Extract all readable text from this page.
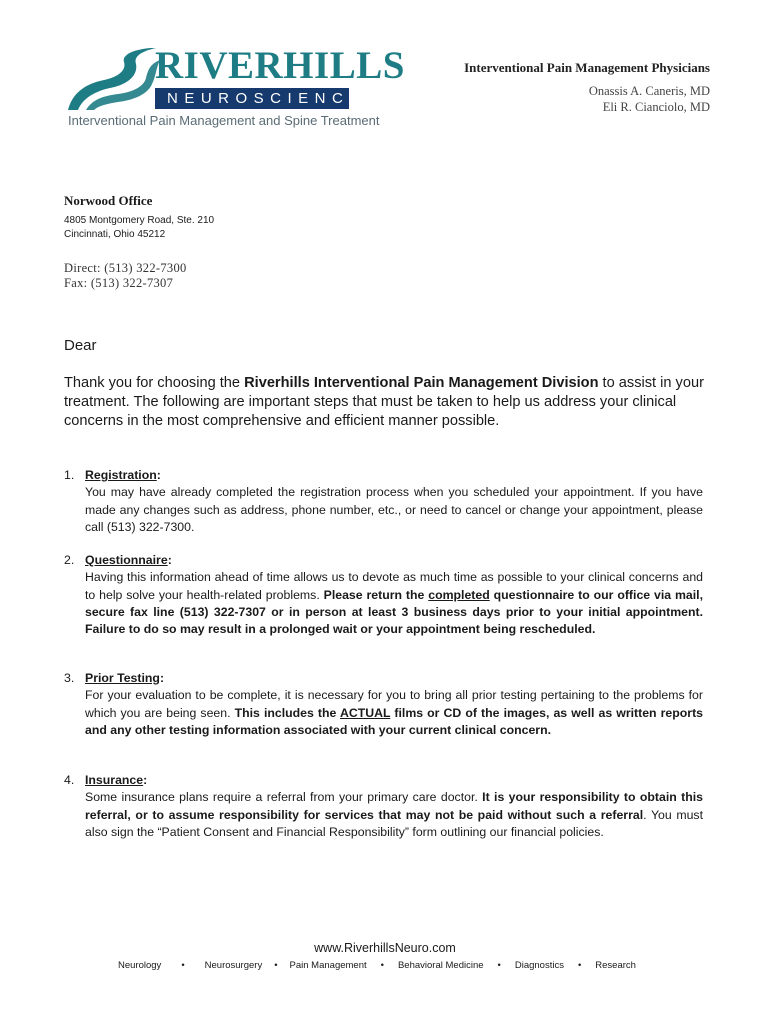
RIVERHILLS
NEUROSCIENCE
Interventional Pain Management and Spine Treatment
Interventional Pain Management Physicians
Onassis A. Caneris, MD
Eli R. Cianciolo, MD
Norwood Office
4805 Montgomery Road, Ste. 210
Cincinnati, Ohio 45212
Direct: (513) 322-7300
Fax: (513) 322-7307
Dear
Thank you for choosing the Riverhills Interventional Pain Management Division to assist in your treatment. The following are important steps that must be taken to help us address your clinical concerns in the most comprehensive and efficient manner possible.
1. Registration:
You may have already completed the registration process when you scheduled your appointment. If you have made any changes such as address, phone number, etc., or need to cancel or change your appointment, please call (513) 322-7300.
2. Questionnaire:
Having this information ahead of time allows us to devote as much time as possible to your clinical concerns and to help solve your health-related problems. Please return the completed questionnaire to our office via mail, secure fax line (513) 322-7307 or in person at least 3 business days prior to your initial appointment. Failure to do so may result in a prolonged wait or your appointment being rescheduled.
3. Prior Testing:
For your evaluation to be complete, it is necessary for you to bring all prior testing pertaining to the problems for which you are being seen. This includes the ACTUAL films or CD of the images, as well as written reports and any other testing information associated with your current clinical concern.
4. Insurance:
Some insurance plans require a referral from your primary care doctor. It is your responsibility to obtain this referral, or to assume responsibility for services that may not be paid without such a referral. You must also sign the “Patient Consent and Financial Responsibility” form outlining our financial policies.
www.RiverhillsNeuro.com
Neurology	•	Neurosurgery	•	Pain Management	•	Behavioral Medicine	•	Diagnostics	•	Research
